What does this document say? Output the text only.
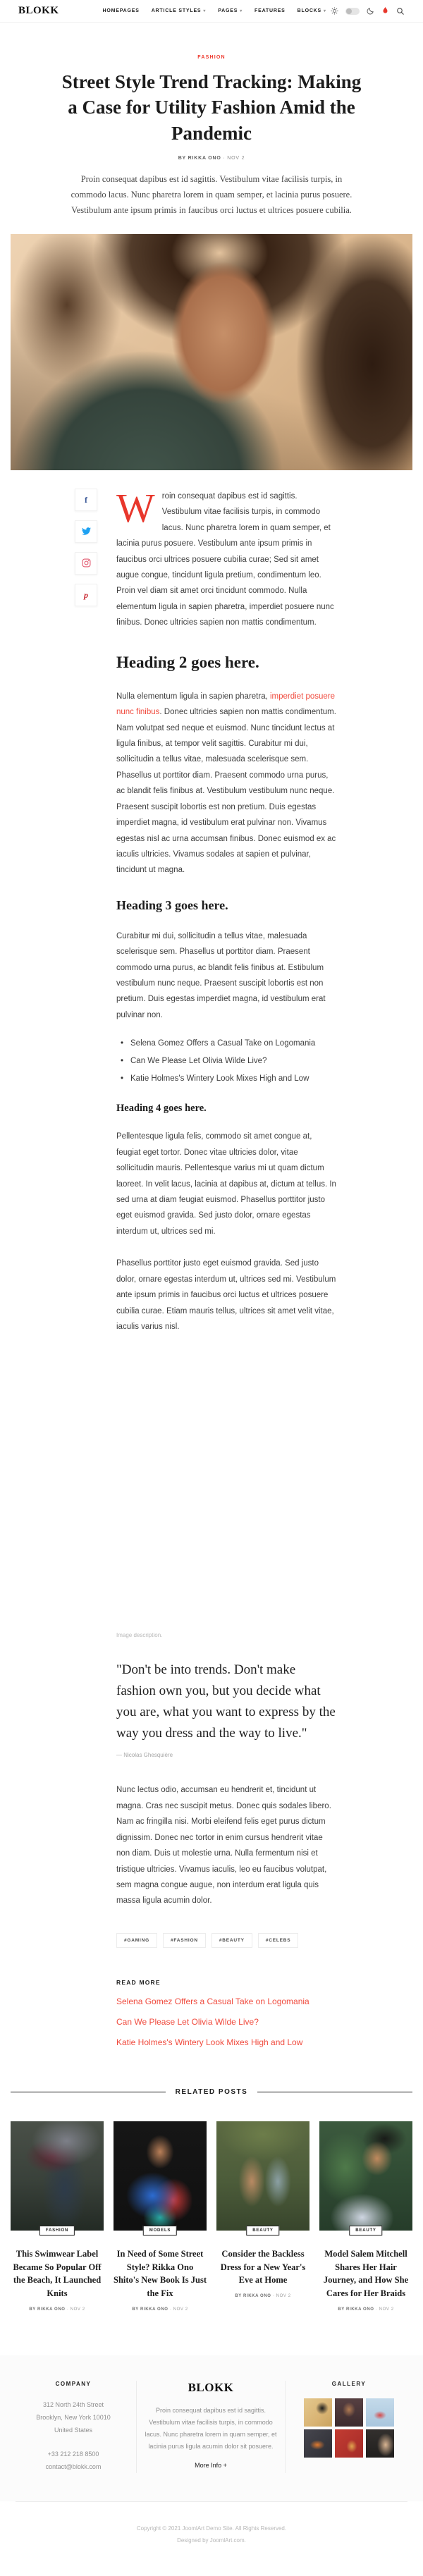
BLOKK	HOMEPAGES ARTICLE STYLES ▾ PAGES ▾ FEATURES BLOCKS ▾
FASHION
Street Style Trend Tracking: Making a Case for Utility Fashion Amid the Pandemic
BY RIKKA ONO · NOV 2

Proin consequat dapibus est id sagittis. Vestibulum vitae facilisis turpis, in commodo lacus. Nunc pharetra lorem in quam semper, et lacinia purus posuere. Vestibulum ante ipsum primis in faucibus orci luctus et ultrices posuere cubilia.

f
p

Wroin consequat dapibus est id sagittis. Vestibulum vitae facilisis turpis, in commodo lacus. Nunc pharetra lorem in quam semper, et lacinia purus posuere. Vestibulum ante ipsum primis in faucibus orci ultrices posuere cubilia curae; Sed sit amet augue congue, tincidunt ligula pretium, condimentum leo. Proin vel diam sit amet orci tincidunt commodo. Nulla elementum ligula in sapien pharetra, imperdiet posuere nunc finibus. Donec ultricies sapien non mattis condimentum.

Heading 2 goes here.

Nulla elementum ligula in sapien pharetra, imperdiet posuere nunc finibus. Donec ultricies sapien non mattis condimentum. Nam volutpat sed neque et euismod. Nunc tincidunt lectus at ligula finibus, at tempor velit sagittis. Curabitur mi dui, sollicitudin a tellus vitae, malesuada scelerisque sem. Phasellus ut porttitor diam. Praesent commodo urna purus, ac blandit felis finibus at. Vestibulum vestibulum nunc neque. Praesent suscipit lobortis est non pretium. Duis egestas imperdiet magna, id vestibulum erat pulvinar non. Vivamus egestas nisl ac urna accumsan finibus. Donec euismod ex ac iaculis ultricies. Vivamus sodales at sapien et pulvinar, tincidunt ut magna.

Heading 3 goes here.

Curabitur mi dui, sollicitudin a tellus vitae, malesuada scelerisque sem. Phasellus ut porttitor diam. Praesent commodo urna purus, ac blandit felis finibus at. Estibulum vestibulum nunc neque. Praesent suscipit lobortis est non pretium. Duis egestas imperdiet magna, id vestibulum erat pulvinar non.

• Selena Gomez Offers a Casual Take on Logomania
• Can We Please Let Olivia Wilde Live?
• Katie Holmes's Wintery Look Mixes High and Low
Heading 4 goes here.

Pellentesque ligula felis, commodo sit amet congue at, feugiat eget tortor. Donec vitae ultricies dolor, vitae sollicitudin mauris. Pellentesque varius mi ut quam dictum laoreet. In velit lacus, lacinia at dapibus at, dictum at tellus. In sed urna at diam feugiat euismod. Phasellus porttitor justo eget euismod gravida. Sed justo dolor, ornare egestas interdum ut, ultrices sed mi.

Phasellus porttitor justo eget euismod gravida. Sed justo dolor, ornare egestas interdum ut, ultrices sed mi. Vestibulum ante ipsum primis in faucibus orci luctus et ultrices posuere cubilia curae. Etiam mauris tellus, ultrices sit amet velit vitae, iaculis varius nisl.

Image description.
"Don't be into trends. Don't make fashion own you, but you decide what you are, what you want to express by the way you dress and the way to live."
— Nicolas Ghesquière

Nunc lectus odio, accumsan eu hendrerit et, tincidunt ut magna. Cras nec suscipit metus. Donec quis sodales libero. Nam ac fringilla nisi. Morbi eleifend felis eget purus dictum dignissim. Donec nec tortor in enim cursus hendrerit vitae non diam. Duis ut molestie urna. Nulla fermentum nisi et tristique ultricies. Vivamus iaculis, leo eu faucibus volutpat, sem magna congue augue, non interdum erat ligula quis massa ligula acumin dolor.

#GAMING	#FASHION	#BEAUTY	#CELEBS
READ MORE
Selena Gomez Offers a Casual Take on Logomania
Can We Please Let Olivia Wilde Live?
Katie Holmes's Wintery Look Mixes High and Low
RELATED POSTS
FASHION
This Swimwear Label Became So Popular Off the Beach, It Launched Knits
BY RIKKA ONO · NOV 2
MODELS
In Need of Some Street Style? Rikka Ono Shito's New Book Is Just the Fix
BY RIKKA ONO · NOV 2
BEAUTY
Consider the Backless Dress for a New Year's Eve at Home
BY RIKKA ONO · NOV 2
BEAUTY
Model Salem Mitchell Shares Her Hair Journey, and How She Cares for Her Braids
BY RIKKA ONO · NOV 2
COMPANY
312 North 24th Street
Brooklyn, New York 10010
United States
+33 212 218 8500
contact@blokk.com
BLOKK

Proin consequat dapibus est id sagittis. Vestibulum vitae facilisis turpis, in commodo lacus. Nunc pharetra lorem in quam semper, et lacinia purus ligula acumin dolor sit posuere.

More Info +
GALLERY
Copyright © 2021 JoomlArt Demo Site. All Rights Reserved.
Designed by JoomlArt.com.
